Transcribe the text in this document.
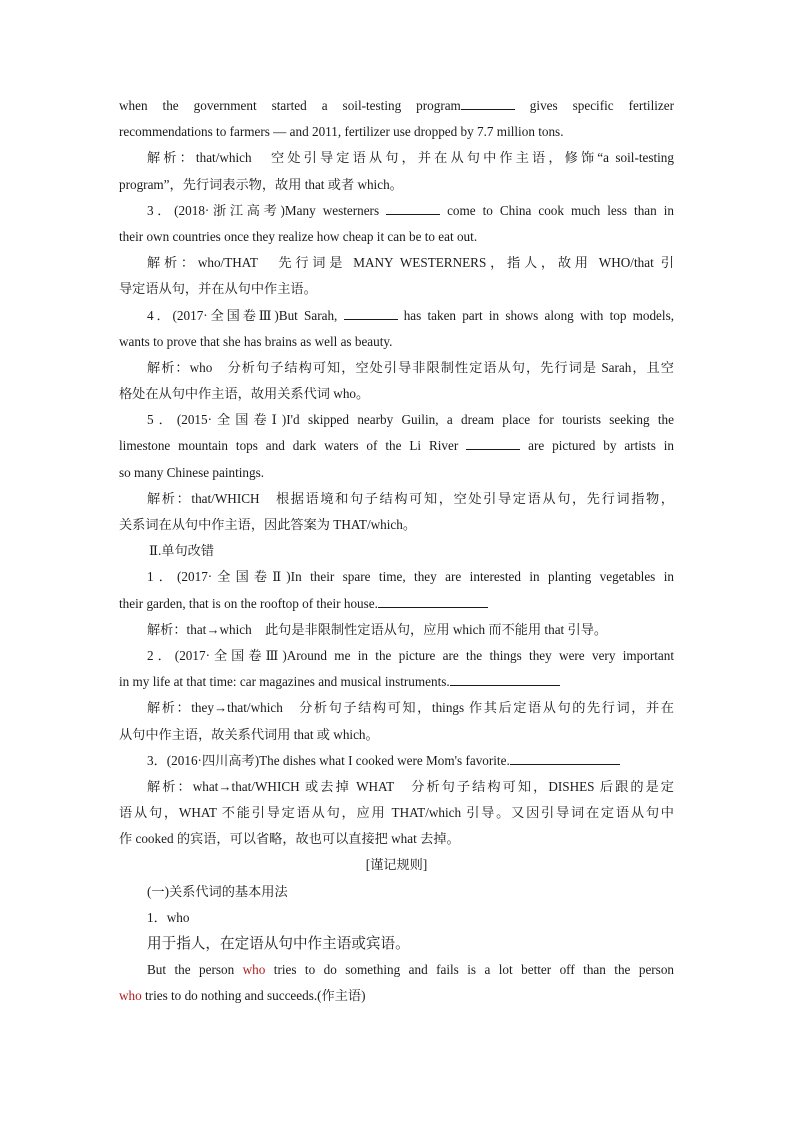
when the government started a soil-testing program	gives specific fertilizer
recommendations to farmers — and 2011, fertilizer use dropped by 7.7 million tons.
解析：that/which　空处引导定语从句，并在从句中作主语，修饰“a soil-testing
program”，先行词表示物，故用 that 或者 which。
3．(2018·浙江高考)Many westerners	come to China cook much less than in
their own countries once they realize how cheap it can be to eat out.
解析：who/THAT　先行词是 MANY WESTERNERS，指人，故用 WHO/that 引
导定语从句，并在从句中作主语。
4．(2017·全国卷Ⅲ)But Sarah,	has taken part in shows along with top models,
wants to prove that she has brains as well as beauty.
解析：who　分析句子结构可知，空处引导非限制性定语从句，先行词是 Sarah，且空
格处在从句中作主语，故用关系代词 who。
5．(2015·全国卷Ⅰ)I'd skipped nearby Guilin, a dream place for tourists seeking the
limestone mountain tops and dark waters of the Li River	are pictured by artists in
so many Chinese paintings.
解析：that/WHICH　根据语境和句子结构可知，空处引导定语从句，先行词指物，
关系词在从句中作主语，因此答案为 THAT/which。
Ⅱ.单句改错
1．(2017·全国卷Ⅱ)In their spare time, they are interested in planting vegetables in
their garden, that is on the rooftop of their house.
解析：that→which　此句是非限制性定语从句，应用 which 而不能用 that 引导。
2．(2017·全国卷Ⅲ)Around me in the picture are the things they were very important
in my life at that time: car magazines and musical instruments.
解析：they→that/which　分析句子结构可知，things 作其后定语从句的先行词，并在
从句中作主语，故关系代词用 that 或 which。
3．(2016·四川高考)The dishes what I cooked were Mom's favorite.
解析：what→that/WHICH 或去掉 WHAT　分析句子结构可知，DISHES 后跟的是定
语从句，WHAT 不能引导定语从句，应用 THAT/which 引导。又因引导词在定语从句中
作 cooked 的宾语，可以省略，故也可以直接把 what 去掉。
[谨记规则]
(一)关系代词的基本用法
1．who
用于指人，在定语从句中作主语或宾语。
But the person who tries to do something and fails is a lot better off than the person
who tries to do nothing and succeeds.(作主语)
